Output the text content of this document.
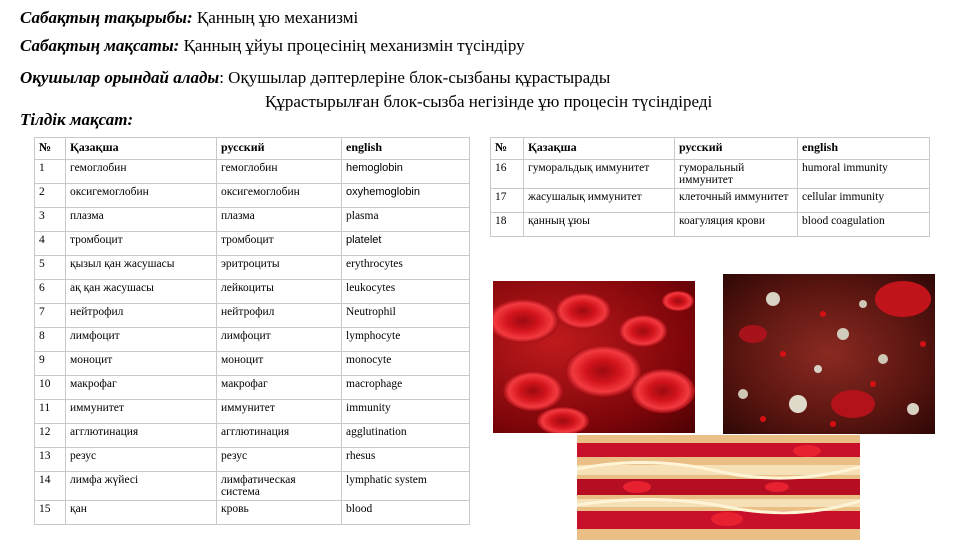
Сабақтың тақырыбы: Қанның ұю механизмі
Сабақтың мақсаты: Қанның ұйуы процесінің механизмін түсіндіру
Оқушылар орындай алады: Оқушылар дәптерлеріне блок-сызбаны құрастырады
Құрастырылған блок-сызба негізінде ұю процесін түсіндіреді
Тілдік мақсат:
№	Қазақша	русский	english
1	гемоглобин	гемоглобин	hemoglobin
2	оксигемоглобин	оксигемоглобин	oxyhemoglobin
3	плазма	плазма	plasma
4	тромбоцит	тромбоцит	platelet
5	қызыл қан жасушасы	эритроциты	erythrocytes
6	ақ қан жасушасы	лейкоциты	leukocytes
7	нейтрофил	нейтрофил	Neutrophil
8	лимфоцит	лимфоцит	lymphocyte
9	моноцит	моноцит	monocyte
10	макрофаг	макрофаг	macrophage
11	иммунитет	иммунитет	immunity
12	агглютинация	агглютинация	agglutination
13	резус	резус	rhesus
14	лимфа жүйесі	лимфатическая система	lymphatic system
15	қан	кровь	blood
№	Қазақша	русский	english
16	гуморальдық иммунитет	гуморальный иммунитет	humoral immunity
17	жасушалық иммунитет	клеточный иммунитет	cellular immunity
18	қанның ұюы	коагуляция крови	blood coagulation
